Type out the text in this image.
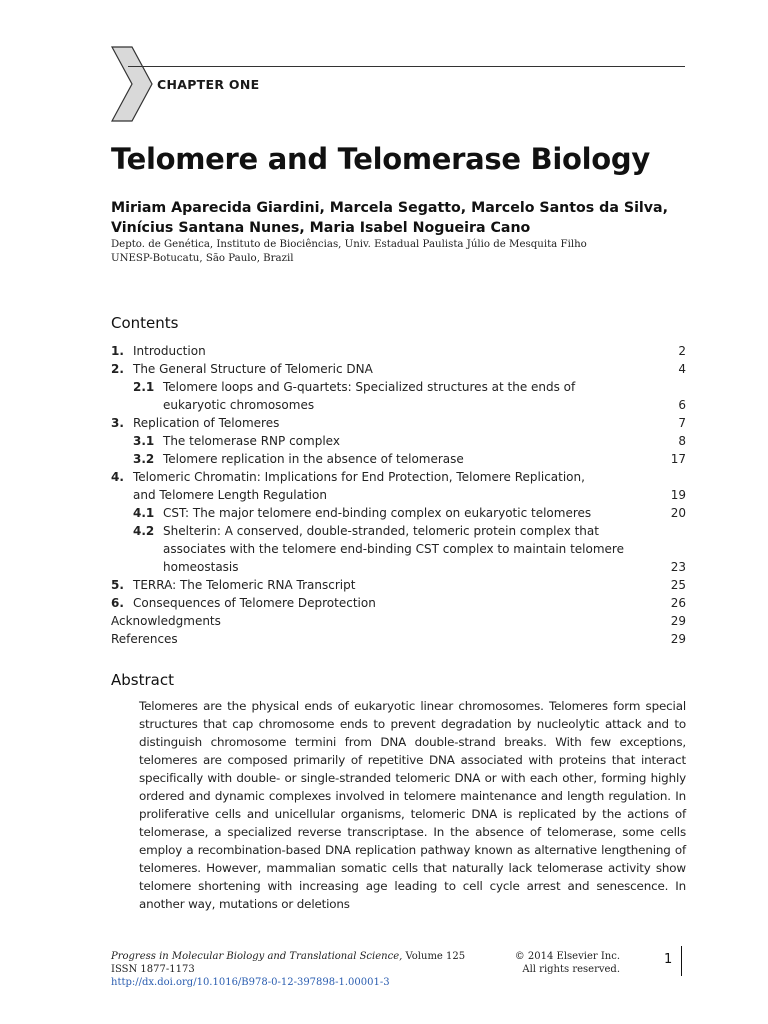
CHAPTER ONE
Telomere and Telomerase Biology
Miriam Aparecida Giardini, Marcela Segatto, Marcelo Santos da Silva,
Vinícius Santana Nunes, Maria Isabel Nogueira Cano
Depto. de Genética, Instituto de Biociências, Univ. Estadual Paulista Júlio de Mesquita Filho
UNESP-Botucatu, São Paulo, Brazil
Contents
1. Introduction	2
2. The General Structure of Telomeric DNA	4
2.1 Telomere loops and G-quartets: Specialized structures at the ends of
eukaryotic chromosomes	6
3. Replication of Telomeres	7
3.1 The telomerase RNP complex	8
3.2 Telomere replication in the absence of telomerase	17
4. Telomeric Chromatin: Implications for End Protection, Telomere Replication,
and Telomere Length Regulation	19
4.1 CST: The major telomere end-binding complex on eukaryotic telomeres	20
4.2 Shelterin: A conserved, double-stranded, telomeric protein complex that
associates with the telomere end-binding CST complex to maintain telomere
homeostasis	23
5. TERRA: The Telomeric RNA Transcript	25
6. Consequences of Telomere Deprotection	26
Acknowledgments	29
References	29
Abstract

Telomeres are the physical ends of eukaryotic linear chromosomes. Telomeres form special structures that cap chromosome ends to prevent degradation by nucleolytic attack and to distinguish chromosome termini from DNA double-strand breaks. With few exceptions, telomeres are composed primarily of repetitive DNA associated with proteins that interact specifically with double- or single-stranded telomeric DNA or with each other, forming highly ordered and dynamic complexes involved in telomere maintenance and length regulation. In proliferative cells and unicellular organisms, telomeric DNA is replicated by the actions of telomerase, a specialized reverse transcriptase. In the absence of telomerase, some cells employ a recombination-based DNA replication pathway known as alternative lengthening of telomeres. However, mammalian somatic cells that naturally lack telomerase activity show telomere shortening with increasing age leading to cell cycle arrest and senescence. In another way, mutations or deletions

Progress in Molecular Biology and Translational Science, Volume 125
ISSN 1877-1173
http://dx.doi.org/10.1016/B978-0-12-397898-1.00001-3
© 2014 Elsevier Inc.
All rights reserved.
1
